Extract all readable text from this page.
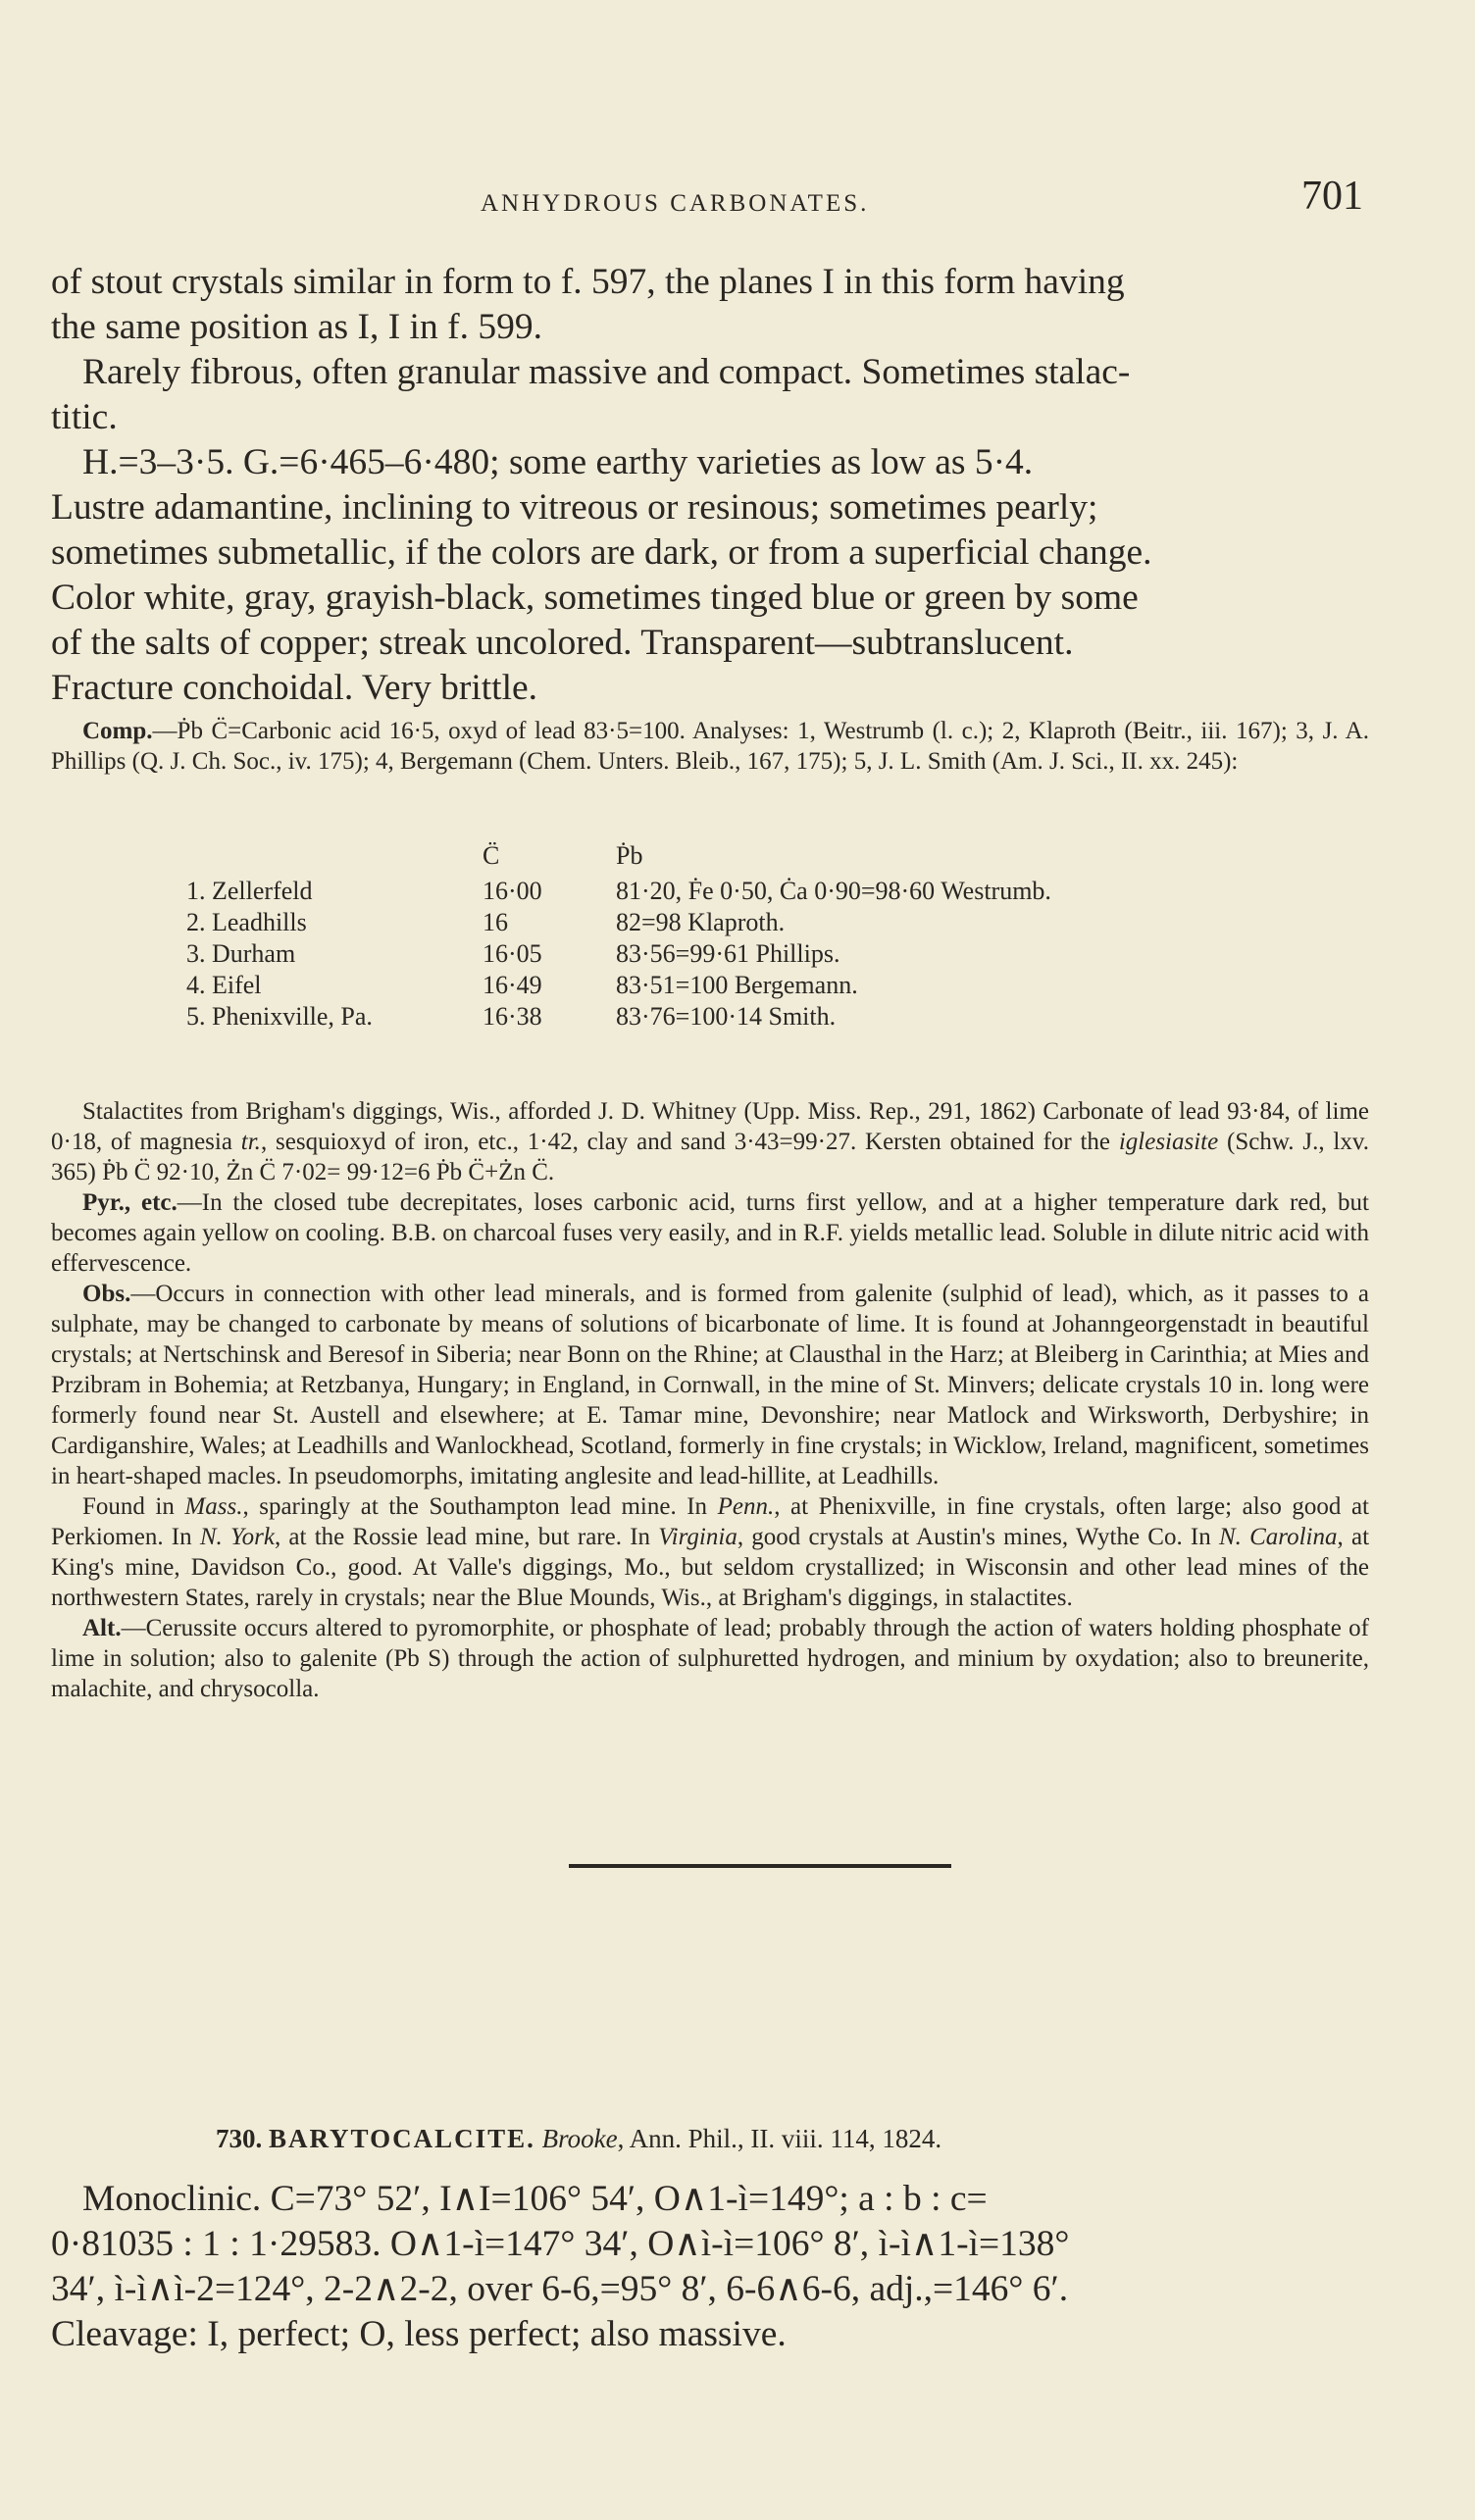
ANHYDROUS CARBONATES.	701

of stout crystals similar in form to f. 597, the planes I in this form having

the same position as I, I in f. 599.

Rarely fibrous, often granular massive and compact. Sometimes stalac-

titic.

H.=3–3·5. G.=6·465–6·480; some earthy varieties as low as 5·4.

Lustre adamantine, inclining to vitreous or resinous; sometimes pearly;

sometimes submetallic, if the colors are dark, or from a superficial change.

Color white, gray, grayish-black, sometimes tinged blue or green by some

of the salts of copper; streak uncolored. Transparent—subtranslucent.

Fracture conchoidal. Very brittle.

Comp.—Ṗb C̈=Carbonic acid 16·5, oxyd of lead 83·5=100. Analyses: 1, Westrumb (l. c.); 2, Klaproth (Beitr., iii. 167); 3, J. A. Phillips (Q. J. Ch. Soc., iv. 175); 4, Bergemann (Chem. Unters. Bleib., 167, 175); 5, J. L. Smith (Am. J. Sci., II. xx. 245):

	C̈	Ṗb
1. Zellerfeld	16·00	81·20, Ḟe 0·50, Ċa 0·90=98·60 Westrumb.
2. Leadhills	16	82=98 Klaproth.
3. Durham	16·05	83·56=99·61 Phillips.
4. Eifel	16·49	83·51=100 Bergemann.
5. Phenixville, Pa.	16·38	83·76=100·14 Smith.

Stalactites from Brigham's diggings, Wis., afforded J. D. Whitney (Upp. Miss. Rep., 291, 1862) Carbonate of lead 93·84, of lime 0·18, of magnesia tr., sesquioxyd of iron, etc., 1·42, clay and sand 3·43=99·27. Kersten obtained for the iglesiasite (Schw. J., lxv. 365) Ṗb C̈ 92·10, Żn C̈ 7·02= 99·12=6 Ṗb C̈+Żn C̈.

Pyr., etc.—In the closed tube decrepitates, loses carbonic acid, turns first yellow, and at a higher temperature dark red, but becomes again yellow on cooling. B.B. on charcoal fuses very easily, and in R.F. yields metallic lead. Soluble in dilute nitric acid with effervescence.

Obs.—Occurs in connection with other lead minerals, and is formed from galenite (sulphid of lead), which, as it passes to a sulphate, may be changed to carbonate by means of solutions of bicarbonate of lime. It is found at Johanngeorgenstadt in beautiful crystals; at Nertschinsk and Beresof in Siberia; near Bonn on the Rhine; at Clausthal in the Harz; at Bleiberg in Carinthia; at Mies and Przibram in Bohemia; at Retzbanya, Hungary; in England, in Cornwall, in the mine of St. Minvers; delicate crystals 10 in. long were formerly found near St. Austell and elsewhere; at E. Tamar mine, Devonshire; near Matlock and Wirksworth, Derbyshire; in Cardiganshire, Wales; at Leadhills and Wanlockhead, Scotland, formerly in fine crystals; in Wicklow, Ireland, magnificent, sometimes in heart-shaped macles. In pseudomorphs, imitating anglesite and lead-hillite, at Leadhills.

Found in Mass., sparingly at the Southampton lead mine. In Penn., at Phenixville, in fine crystals, often large; also good at Perkiomen. In N. York, at the Rossie lead mine, but rare. In Virginia, good crystals at Austin's mines, Wythe Co. In N. Carolina, at King's mine, Davidson Co., good. At Valle's diggings, Mo., but seldom crystallized; in Wisconsin and other lead mines of the northwestern States, rarely in crystals; near the Blue Mounds, Wis., at Brigham's diggings, in stalactites.

Alt.—Cerussite occurs altered to pyromorphite, or phosphate of lead; probably through the action of waters holding phosphate of lime in solution; also to galenite (Pb S) through the action of sulphuretted hydrogen, and minium by oxydation; also to breunerite, malachite, and chrysocolla.

730. BARYTOCALCITE. Brooke, Ann. Phil., II. viii. 114, 1824.

Monoclinic. C=73° 52′, I∧I=106° 54′, O∧1-ì=149°; a : b : c=

0·81035 : 1 : 1·29583. O∧1-ì=147° 34′, O∧ì-ì=106° 8′, ì-ì∧1-ì=138°

34′, ì-ì∧ì-2=124°, 2-2∧2-2, over 6-6,=95° 8′, 6-6∧6-6, adj.,=146° 6′.

Cleavage: I, perfect; O, less perfect; also massive.
